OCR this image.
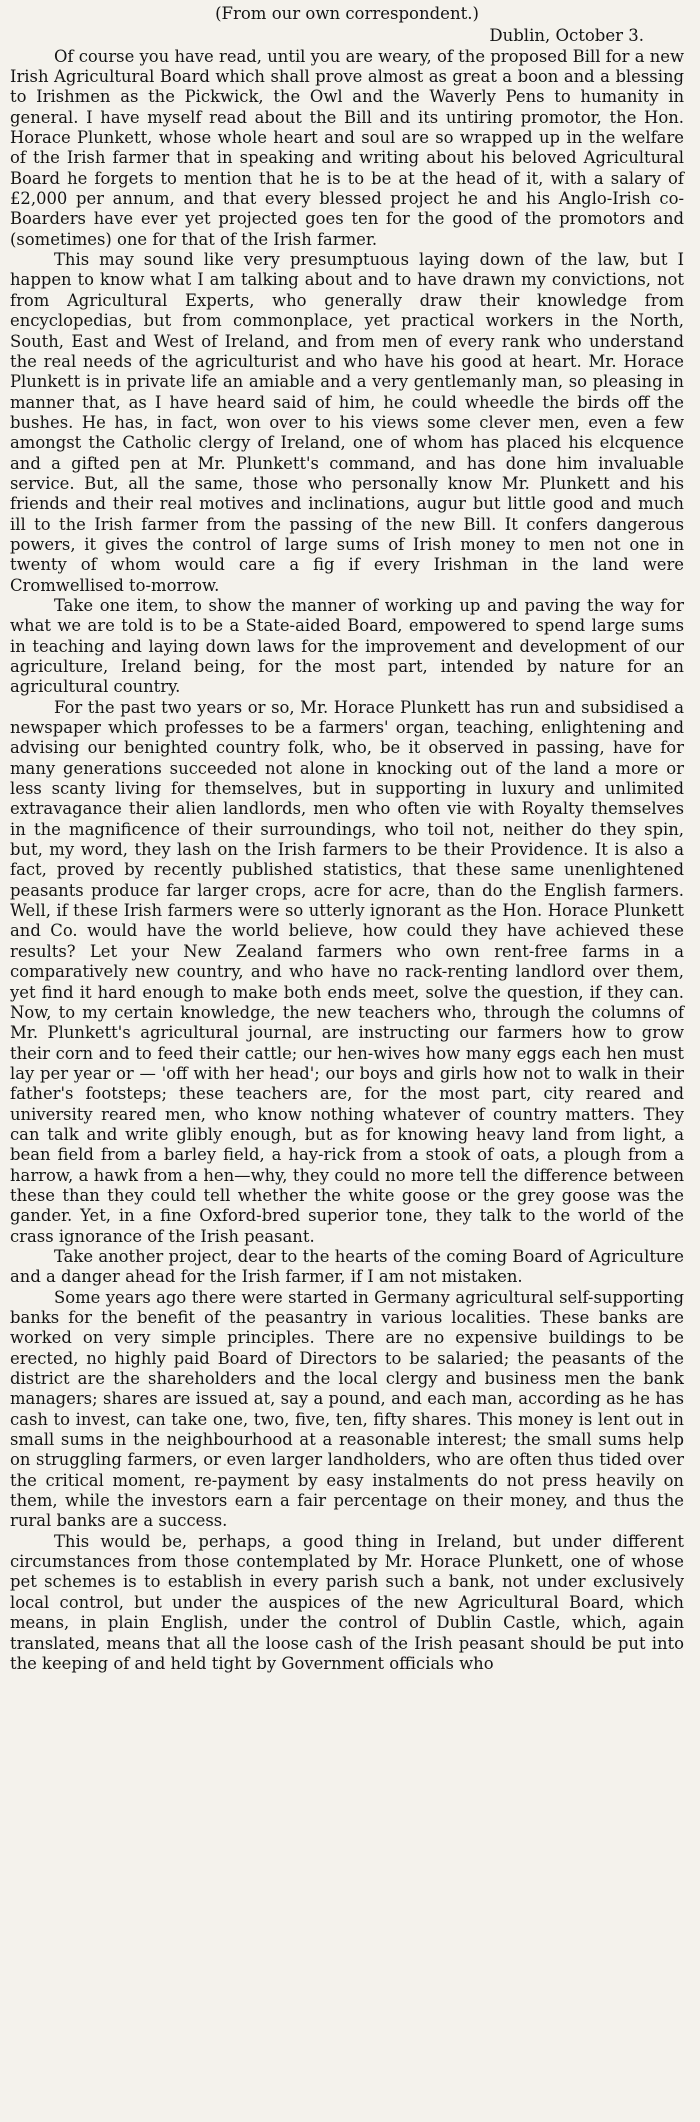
(From our own correspondent.)

Dublin, October 3.

Of course you have read, until you are weary, of the proposed Bill for a new Irish Agricultural Board which shall prove almost as great a boon and a blessing to Irishmen as the Pickwick, the Owl and the Waverly Pens to humanity in general. I have myself read about the Bill and its untiring promotor, the Hon. Horace Plunkett, whose whole heart and soul are so wrapped up in the welfare of the Irish farmer that in speaking and writing about his beloved Agricultural Board he forgets to mention that he is to be at the head of it, with a salary of £2,000 per annum, and that every blessed project he and his Anglo-Irish co-Boarders have ever yet projected goes ten for the good of the promotors and (sometimes) one for that of the Irish farmer.

This may sound like very presumptuous laying down of the law, but I happen to know what I am talking about and to have drawn my convictions, not from Agricultural Experts, who generally draw their knowledge from encyclopedias, but from commonplace, yet practical workers in the North, South, East and West of Ireland, and from men of every rank who understand the real needs of the agriculturist and who have his good at heart. Mr. Horace Plunkett is in private life an amiable and a very gentlemanly man, so pleasing in manner that, as I have heard said of him, he could wheedle the birds off the bushes. He has, in fact, won over to his views some clever men, even a few amongst the Catholic clergy of Ireland, one of whom has placed his elcquence and a gifted pen at Mr. Plunkett's command, and has done him invaluable service. But, all the same, those who personally know Mr. Plunkett and his friends and their real motives and inclinations, augur but little good and much ill to the Irish farmer from the passing of the new Bill. It confers dangerous powers, it gives the control of large sums of Irish money to men not one in twenty of whom would care a fig if every Irishman in the land were Cromwellised to-morrow.

Take one item, to show the manner of working up and paving the way for what we are told is to be a State-aided Board, empowered to spend large sums in teaching and laying down laws for the improvement and development of our agriculture, Ireland being, for the most part, intended by nature for an agricultural country.

For the past two years or so, Mr. Horace Plunkett has run and subsidised a newspaper which professes to be a farmers' organ, teaching, enlightening and advising our benighted country folk, who, be it observed in passing, have for many generations succeeded not alone in knocking out of the land a more or less scanty living for themselves, but in supporting in luxury and unlimited extravagance their alien landlords, men who often vie with Royalty themselves in the magnificence of their surroundings, who toil not, neither do they spin, but, my word, they lash on the Irish farmers to be their Providence. It is also a fact, proved by recently published statistics, that these same unenlightened peasants produce far larger crops, acre for acre, than do the English farmers. Well, if these Irish farmers were so utterly ignorant as the Hon. Horace Plunkett and Co. would have the world believe, how could they have achieved these results? Let your New Zealand farmers who own rent-free farms in a comparatively new country, and who have no rack-renting landlord over them, yet find it hard enough to make both ends meet, solve the question, if they can. Now, to my certain knowledge, the new teachers who, through the columns of Mr. Plunkett's agricultural journal, are instructing our farmers how to grow their corn and to feed their cattle; our hen-wives how many eggs each hen must lay per year or — 'off with her head'; our boys and girls how not to walk in their father's footsteps; these teachers are, for the most part, city reared and university reared men, who know nothing whatever of country matters. They can talk and write glibly enough, but as for knowing heavy land from light, a bean field from a barley field, a hay-rick from a stook of oats, a plough from a harrow, a hawk from a hen—why, they could no more tell the difference between these than they could tell whether the white goose or the grey goose was the gander. Yet, in a fine Oxford-bred superior tone, they talk to the world of the crass ignorance of the Irish peasant.

Take another project, dear to the hearts of the coming Board of Agriculture and a danger ahead for the Irish farmer, if I am not mistaken.

Some years ago there were started in Germany agricultural self-supporting banks for the benefit of the peasantry in various localities. These banks are worked on very simple principles. There are no expensive buildings to be erected, no highly paid Board of Directors to be salaried; the peasants of the district are the shareholders and the local clergy and business men the bank managers; shares are issued at, say a pound, and each man, according as he has cash to invest, can take one, two, five, ten, fifty shares. This money is lent out in small sums in the neighbourhood at a reasonable interest; the small sums help on struggling farmers, or even larger landholders, who are often thus tided over the critical moment, re-payment by easy instalments do not press heavily on them, while the investors earn a fair percentage on their money, and thus the rural banks are a success.

This would be, perhaps, a good thing in Ireland, but under different circumstances from those contemplated by Mr. Horace Plunkett, one of whose pet schemes is to establish in every parish such a bank, not under exclusively local control, but under the auspices of the new Agricultural Board, which means, in plain English, under the control of Dublin Castle, which, again translated, means that all the loose cash of the Irish peasant should be put into the keeping of and held tight by Government officials who
